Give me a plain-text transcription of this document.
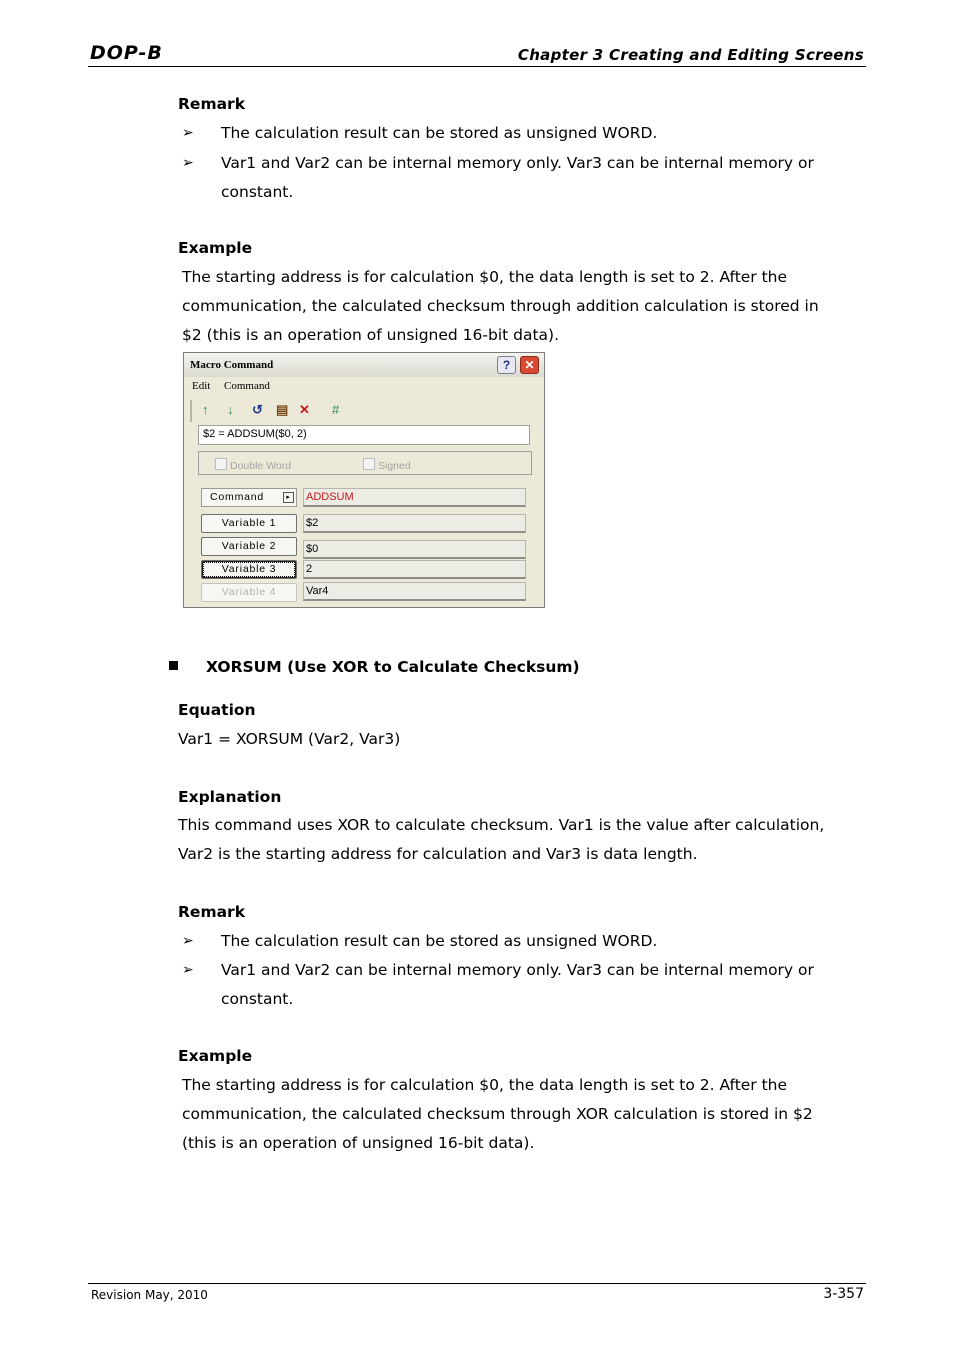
DOP-B	Chapter 3 Creating and Editing Screens
Remark
➢ The calculation result can be stored as unsigned WORD.
➢ Var1 and Var2 can be internal memory only. Var3 can be internal memory or
constant.
Example
The starting address is for calculation $0, the data length is set to 2. After the
communication, the calculated checksum through addition calculation is stored in
$2 (this is an operation of unsigned 16-bit data).
Macro Command	?	✕
Edit Command
↑ ↓ ↺ ▤ ✕ #
$2 = ADDSUM($0, 2)
Double Word	Signed
Command	▸	ADDSUM
Variable 1	$2
Variable 2	$0
Variable 3	2
Variable 4	Var4
XORSUM (Use XOR to Calculate Checksum)
Equation
Var1 = XORSUM (Var2, Var3)
Explanation
This command uses XOR to calculate checksum. Var1 is the value after calculation,
Var2 is the starting address for calculation and Var3 is data length.
Remark
➢ The calculation result can be stored as unsigned WORD.
➢ Var1 and Var2 can be internal memory only. Var3 can be internal memory or
constant.
Example
The starting address is for calculation $0, the data length is set to 2. After the
communication, the calculated checksum through XOR calculation is stored in $2
(this is an operation of unsigned 16-bit data).
Revision May, 2010	3-357
